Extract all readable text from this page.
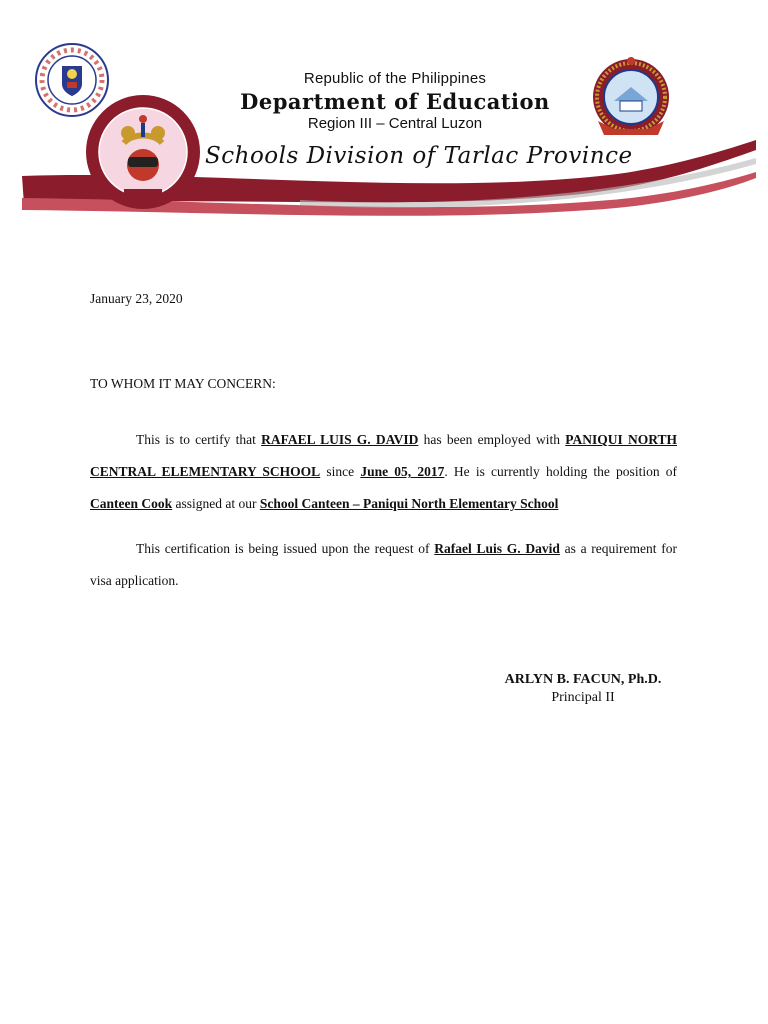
Republic of the Philippines
Department of Education
Region III – Central Luzon
Schools Division of Tarlac Province
January 23, 2020
TO WHOM IT MAY CONCERN:
This is to certify that RAFAEL LUIS G. DAVID has been employed with PANIQUI NORTH CENTRAL ELEMENTARY SCHOOL since June 05, 2017. He is currently holding the position of Canteen Cook assigned at our School Canteen – Paniqui North Elementary School
This certification is being issued upon the request of Rafael Luis G. David as a requirement for visa application.
ARLYN B. FACUN, Ph.D.
Principal II
